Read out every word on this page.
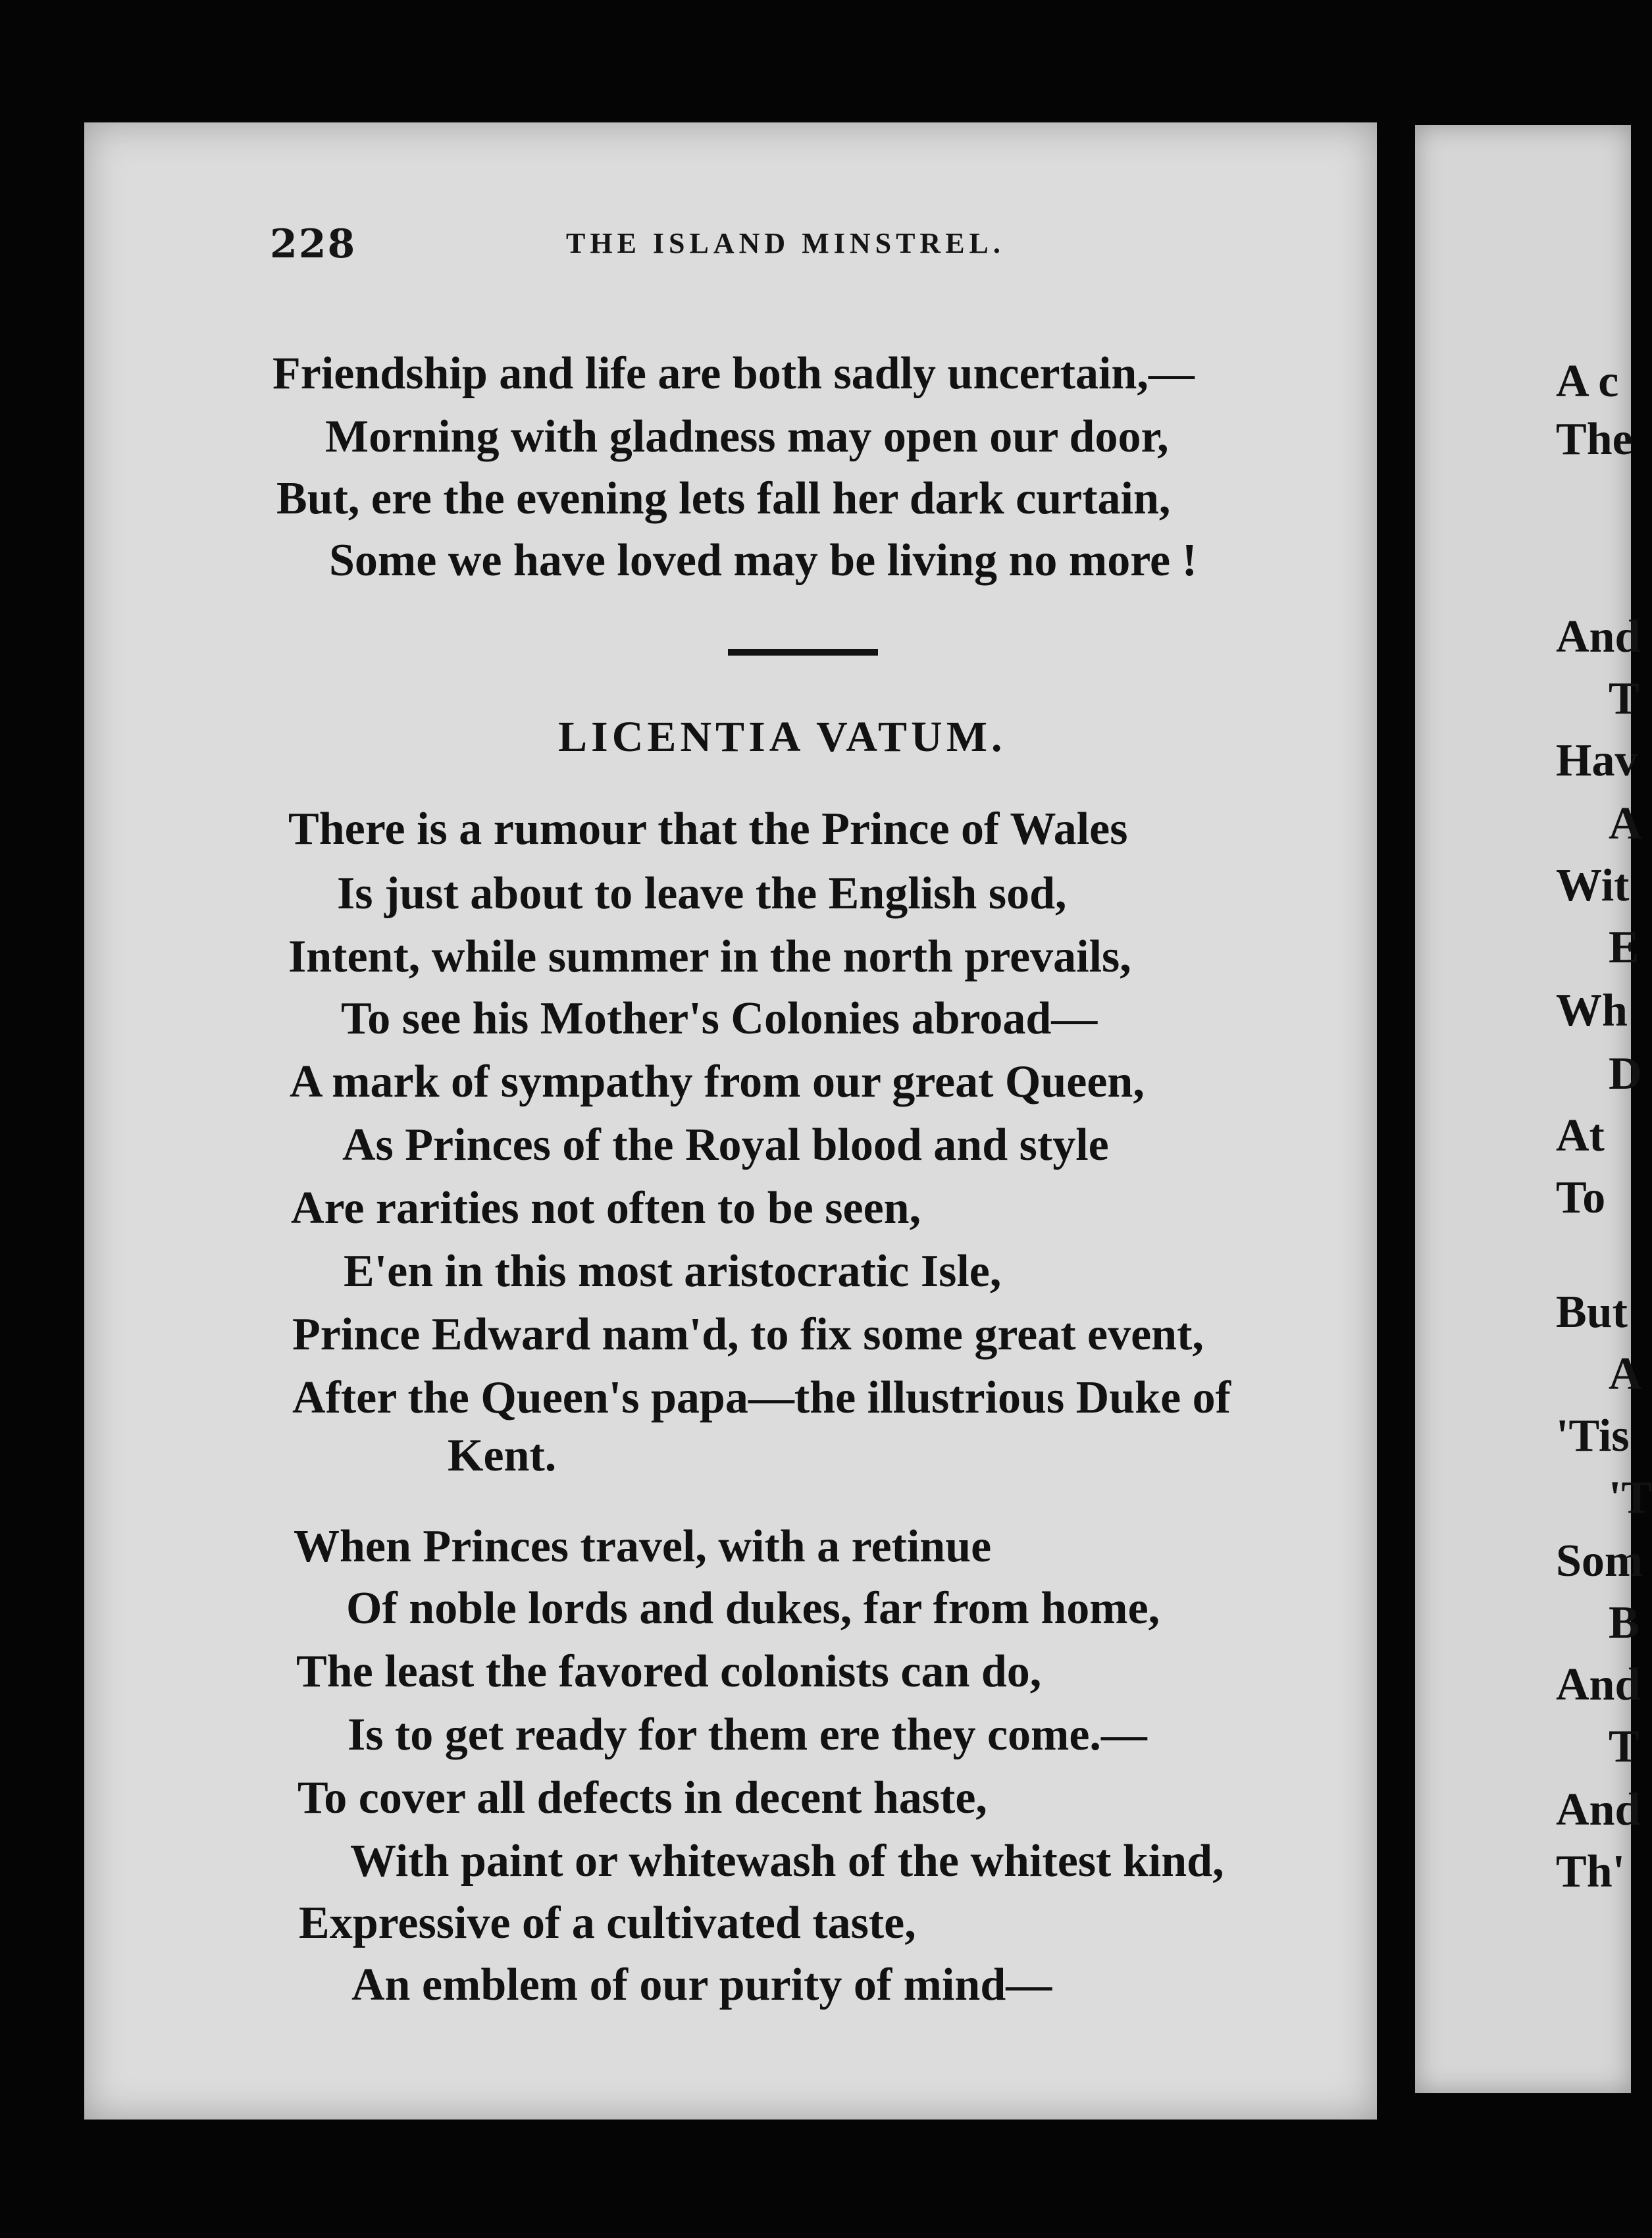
228	THE ISLAND MINSTREL.
Friendship and life are both sadly uncertain,—
Morning with gladness may open our door,
But, ere the evening lets fall her dark curtain,
Some we have loved may be living no more !
LICENTIA VATUM.
There is a rumour that the Prince of Wales
Is just about to leave the English sod,
Intent, while summer in the north prevails,
To see his Mother's Colonies abroad—
A mark of sympathy from our great Queen,
As Princes of the Royal blood and style
Are rarities not often to be seen,
E'en in this most aristocratic Isle,
Prince Edward nam'd, to fix some great event,
After the Queen's papa—the illustrious Duke of
Kent.
When Princes travel, with a retinue
Of noble lords and dukes, far from home,
The least the favored colonists can do,
Is to get ready for them ere they come.—
To cover all defects in decent haste,
With paint or whitewash of the whitest kind,
Expressive of a cultivated taste,
An emblem of our purity of mind—
A c
The
And
T
Hav
A
Wit
E
Wh
D
At
To
But
A
'Tis
'T
Som
B
And
T
And
Th'
